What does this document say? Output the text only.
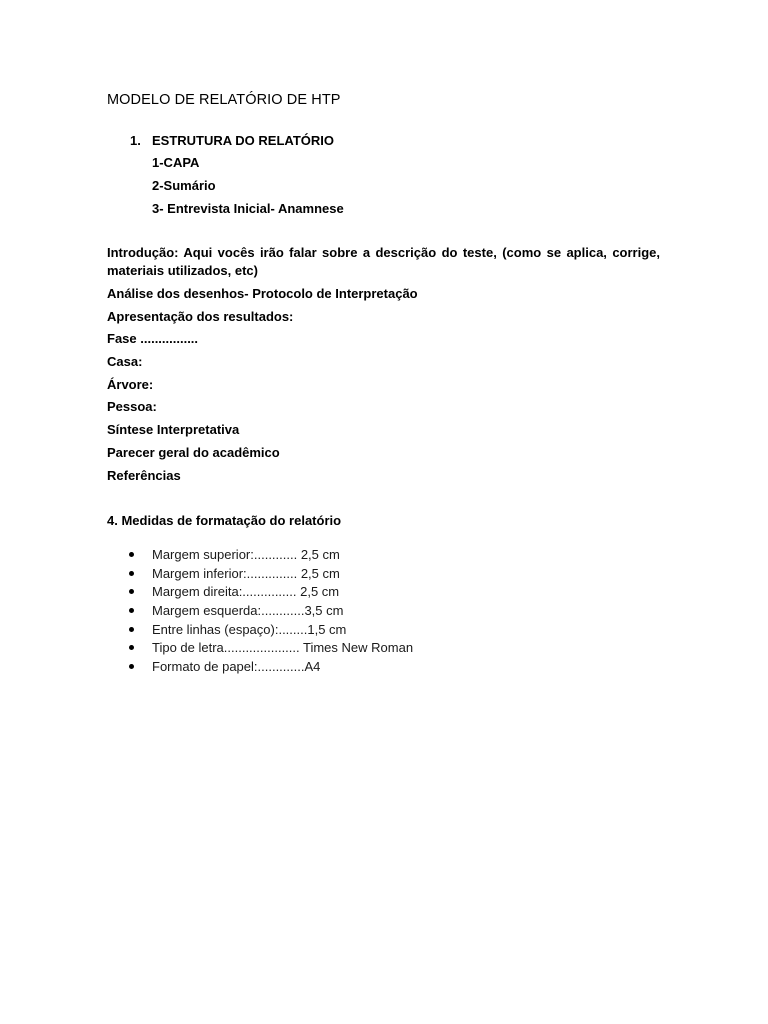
MODELO DE RELATÓRIO DE HTP
1. ESTRUTURA DO RELATÓRIO
1-CAPA
2-Sumário
3- Entrevista Inicial- Anamnese
Introdução: Aqui vocês irão falar sobre a descrição do teste, (como se aplica, corrige, materiais utilizados, etc)
Análise dos desenhos- Protocolo de Interpretação
Apresentação dos resultados:
Fase ................
Casa:
Árvore:
Pessoa:
Síntese Interpretativa
Parecer geral do acadêmico
Referências
4. Medidas de formatação do relatório
Margem superior:............ 2,5 cm
Margem inferior:.............. 2,5 cm
Margem direita:............... 2,5 cm
Margem esquerda:............3,5 cm
Entre linhas (espaço):........1,5 cm
Tipo de letra..................... Times New Roman
Formato de papel:.............A4
